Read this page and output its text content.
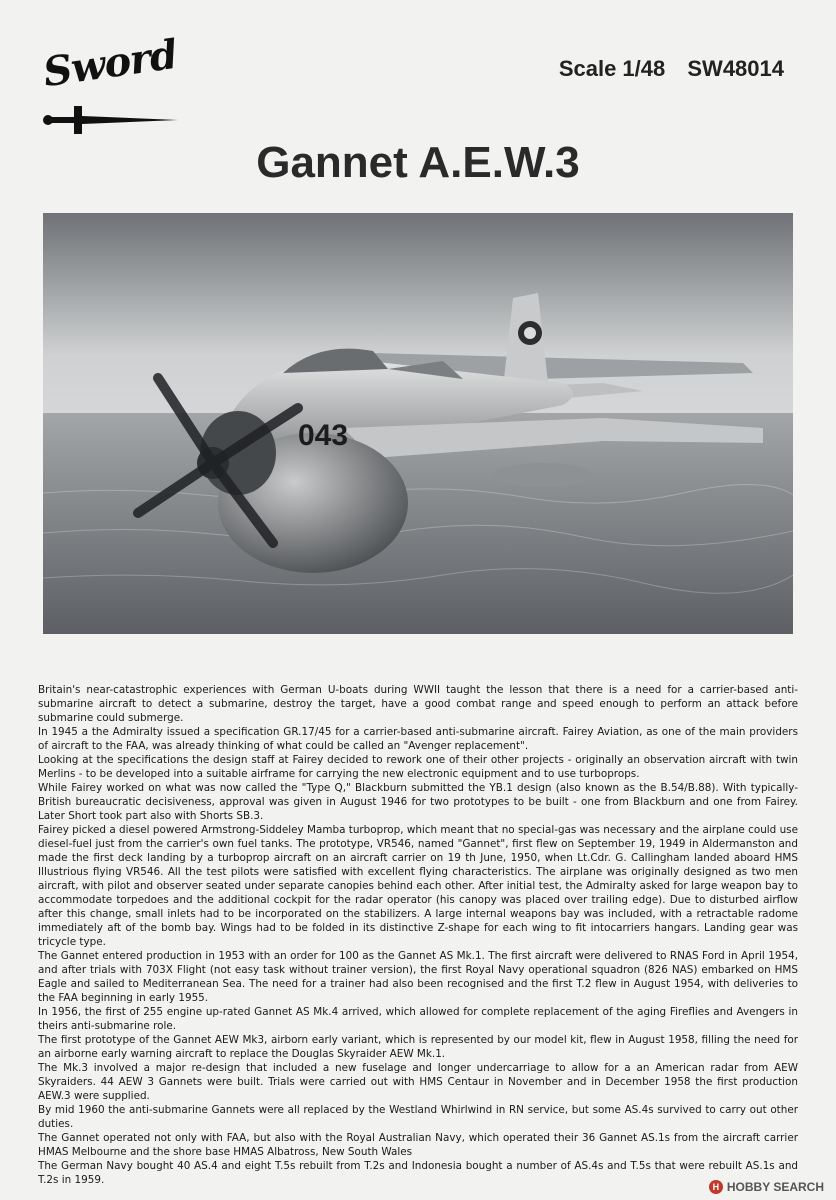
Sword	Scale 1/48 SW48014
Gannet A.E.W.3
043

Britain's near-catastrophic experiences with German U-boats during WWII taught the lesson that there is a need for a carrier-based anti-submarine aircraft to detect a submarine, destroy the target, have a good combat range and speed enough to perform an attack before submarine could submerge.

In 1945 a the Admiralty issued a specification GR.17/45 for a carrier-based anti-submarine aircraft. Fairey Aviation, as one of the main providers of aircraft to the FAA, was already thinking of what could be called an "Avenger replacement".

Looking at the specifications the design staff at Fairey decided to rework one of their other projects - originally an observation aircraft with twin Merlins - to be developed into a suitable airframe for carrying the new electronic equipment and to use turboprops.

While Fairey worked on what was now called the "Type Q," Blackburn submitted the YB.1 design (also known as the B.54/B.88). With typically-British bureaucratic decisiveness, approval was given in August 1946 for two prototypes to be built - one from Blackburn and one from Fairey. Later Short took part also with Shorts SB.3.

Fairey picked a diesel powered Armstrong-Siddeley Mamba turboprop, which meant that no special-gas was necessary and the airplane could use diesel-fuel just from the carrier's own fuel tanks. The prototype, VR546, named "Gannet", first flew on September 19, 1949 in Aldermanston and made the first deck landing by a turboprop aircraft on an aircraft carrier on 19 th June, 1950, when Lt.Cdr. G. Callingham landed aboard HMS Illustrious flying VR546. All the test pilots were satisfied with excellent flying characteristics. The airplane was originally designed as two men aircraft, with pilot and observer seated under separate canopies behind each other. After initial test, the Admiralty asked for large weapon bay to accommodate torpedoes and the additional cockpit for the radar operator (his canopy was placed over trailing edge). Due to disturbed airflow after this change, small inlets had to be incorporated on the stabilizers. A large internal weapons bay was included, with a retractable radome immediately aft of the bomb bay. Wings had to be folded in its distinctive Z-shape for each wing to fit intocarriers hangars. Landing gear was tricycle type.

The Gannet entered production in 1953 with an order for 100 as the Gannet AS Mk.1. The first aircraft were delivered to RNAS Ford in April 1954, and after trials with 703X Flight (not easy task without trainer version), the first Royal Navy operational squadron (826 NAS) embarked on HMS Eagle and sailed to Mediterranean Sea. The need for a trainer had also been recognised and the first T.2 flew in August 1954, with deliveries to the FAA beginning in early 1955.

In 1956, the first of 255 engine up-rated Gannet AS Mk.4 arrived, which allowed for complete replacement of the aging Fireflies and Avengers in theirs anti-submarine role.

The first prototype of the Gannet AEW Mk3, airborn early variant, which is represented by our model kit, flew in August 1958, filling the need for an airborne early warning aircraft to replace the Douglas Skyraider AEW Mk.1.

The Mk.3 involved a major re-design that included a new fuselage and longer undercarriage to allow for a an American radar from AEW Skyraiders. 44 AEW 3 Gannets were built. Trials were carried out with HMS Centaur in November and in December 1958 the first production AEW.3 were supplied.

By mid 1960 the anti-submarine Gannets were all replaced by the Westland Whirlwind in RN service, but some AS.4s survived to carry out other duties.

The Gannet operated not only with FAA, but also with the Royal Australian Navy, which operated their 36 Gannet AS.1s from the aircraft carrier HMAS Melbourne and the shore base HMAS Albatross, New South Wales

The German Navy bought 40 AS.4 and eight T.5s rebuilt from T.2s and Indonesia bought a number of AS.4s and T.5s that were rebuilt AS.1s and T.2s in 1959.

H HOBBY SEARCH
